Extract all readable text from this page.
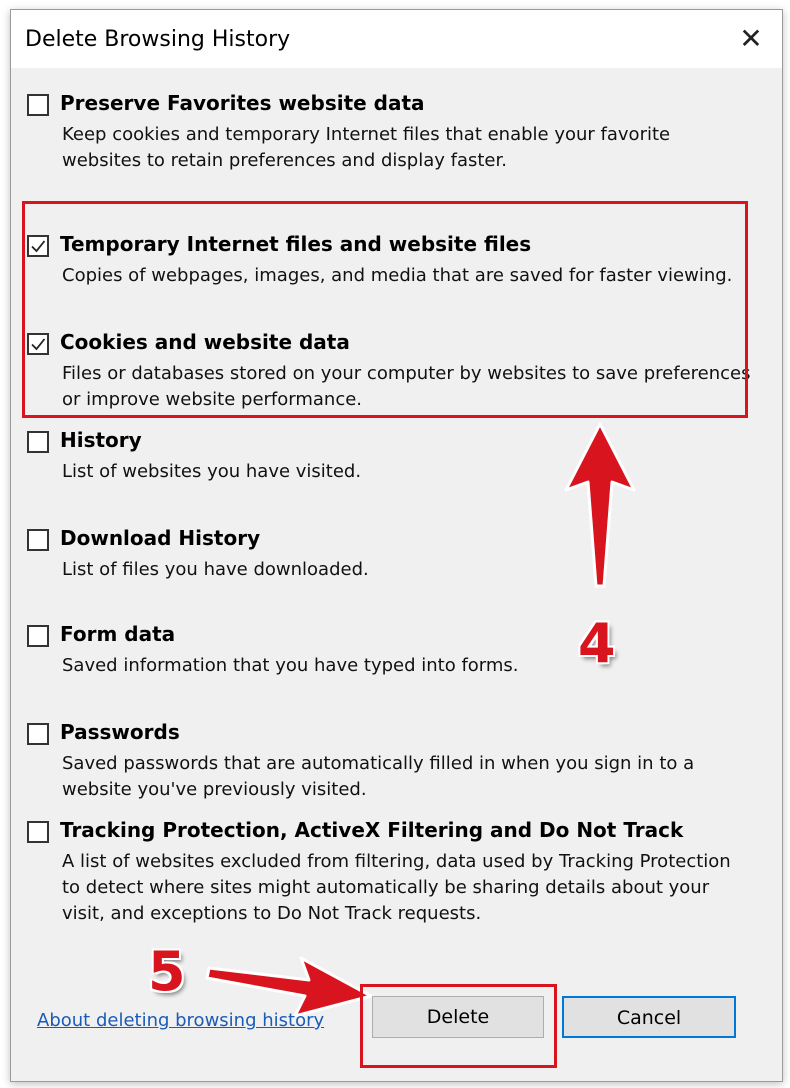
Delete Browsing History	✕
Preserve Favorites website data
Keep cookies and temporary Internet files that enable your favorite websites to retain preferences and display faster.
Temporary Internet files and website files
Copies of webpages, images, and media that are saved for faster viewing.
Cookies and website data
Files or databases stored on your computer by websites to save preferences or improve website performance.
History
List of websites you have visited.
Download History
List of files you have downloaded.
Form data
Saved information that you have typed into forms.
Passwords
Saved passwords that are automatically filled in when you sign in to a website you've previously visited.
Tracking Protection, ActiveX Filtering and Do Not Track
A list of websites excluded from filtering, data used by Tracking Protection to detect where sites might automatically be sharing details about your visit, and exceptions to Do Not Track requests.
4
5
About deleting browsing history	Delete	Cancel
